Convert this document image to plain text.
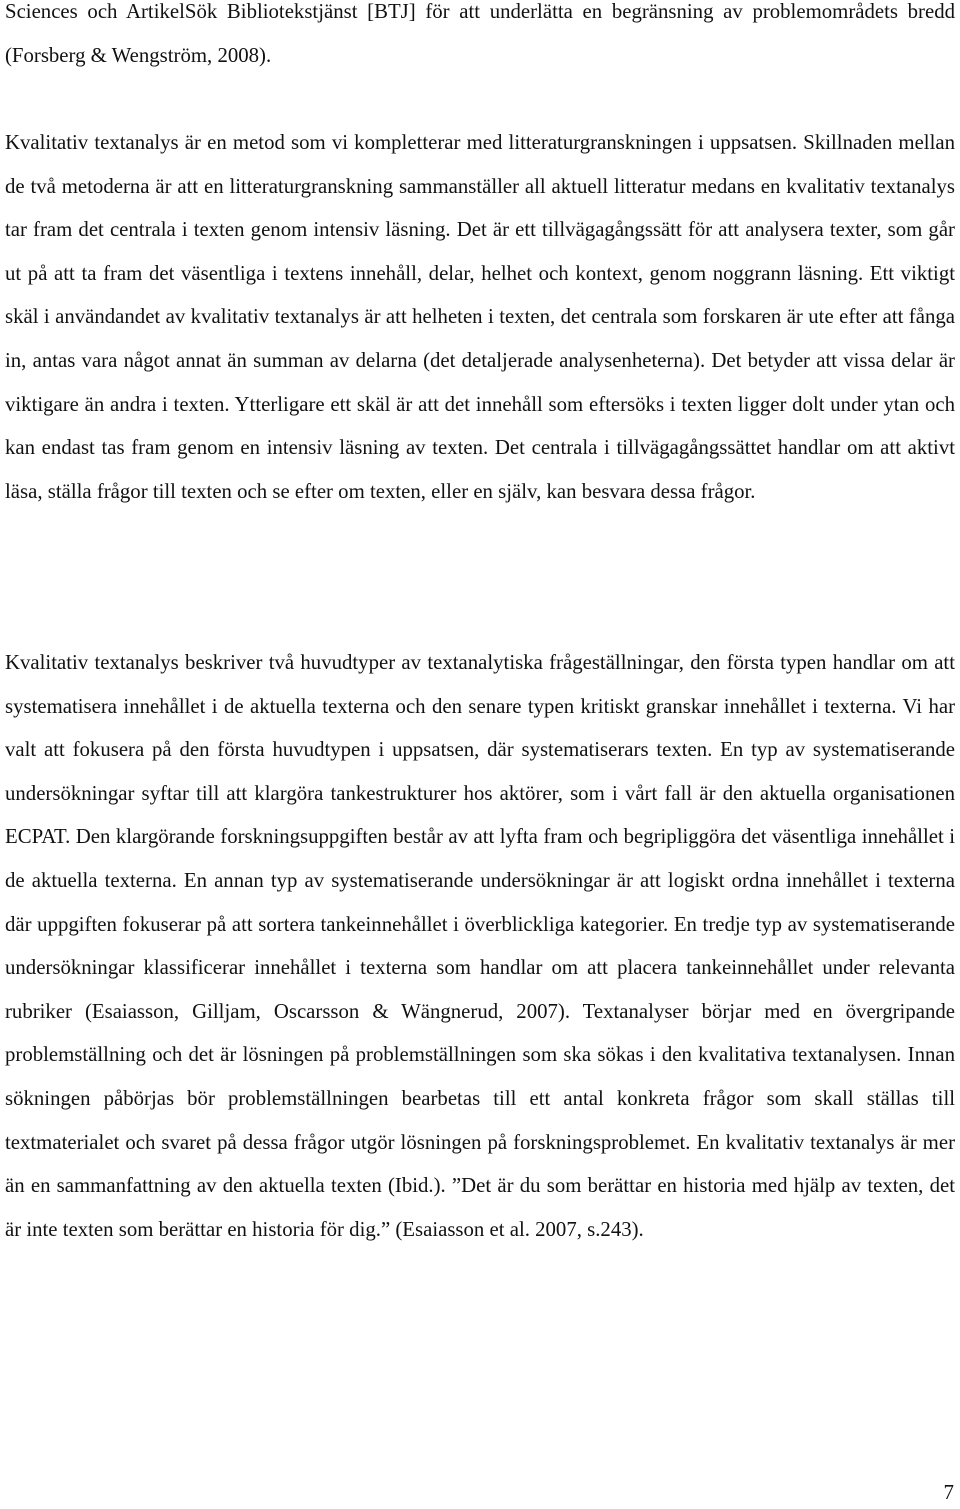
Sciences och ArtikelSök Bibliotekstjänst [BTJ] för att underlätta en begränsning av problemområdets bredd (Forsberg & Wengström, 2008).

Kvalitativ textanalys är en metod som vi kompletterar med litteraturgranskningen i uppsatsen. Skillnaden mellan de två metoderna är att en litteraturgranskning sammanställer all aktuell litteratur medans en kvalitativ textanalys tar fram det centrala i texten genom intensiv läsning. Det är ett tillvägagångssätt för att analysera texter, som går ut på att ta fram det väsentliga i textens innehåll, delar, helhet och kontext, genom noggrann läsning. Ett viktigt skäl i användandet av kvalitativ textanalys är att helheten i texten, det centrala som forskaren är ute efter att fånga in, antas vara något annat än summan av delarna (det detaljerade analysenheterna). Det betyder att vissa delar är viktigare än andra i texten. Ytterligare ett skäl är att det innehåll som eftersöks i texten ligger dolt under ytan och kan endast tas fram genom en intensiv läsning av texten. Det centrala i tillvägagångssättet handlar om att aktivt läsa, ställa frågor till texten och se efter om texten, eller en själv, kan besvara dessa frågor.

Kvalitativ textanalys beskriver två huvudtyper av textanalytiska frågeställningar, den första typen handlar om att systematisera innehållet i de aktuella texterna och den senare typen kritiskt granskar innehållet i texterna. Vi har valt att fokusera på den första huvudtypen i uppsatsen, där systematiserars texten. En typ av systematiserande undersökningar syftar till att klargöra tankestrukturer hos aktörer, som i vårt fall är den aktuella organisationen ECPAT. Den klargörande forskningsuppgiften består av att lyfta fram och begripliggöra det väsentliga innehållet i de aktuella texterna. En annan typ av systematiserande undersökningar är att logiskt ordna innehållet i texterna där uppgiften fokuserar på att sortera tankeinnehållet i överblickliga kategorier. En tredje typ av systematiserande undersökningar klassificerar innehållet i texterna som handlar om att placera tankeinnehållet under relevanta rubriker (Esaiasson, Gilljam, Oscarsson & Wängnerud, 2007). Textanalyser börjar med en övergripande problemställning och det är lösningen på problemställningen som ska sökas i den kvalitativa textanalysen. Innan sökningen påbörjas bör problemställningen bearbetas till ett antal konkreta frågor som skall ställas till textmaterialet och svaret på dessa frågor utgör lösningen på forskningsproblemet. En kvalitativ textanalys är mer än en sammanfattning av den aktuella texten (Ibid.). ”Det är du som berättar en historia med hjälp av texten, det är inte texten som berättar en historia för dig.” (Esaiasson et al. 2007, s.243).

7
